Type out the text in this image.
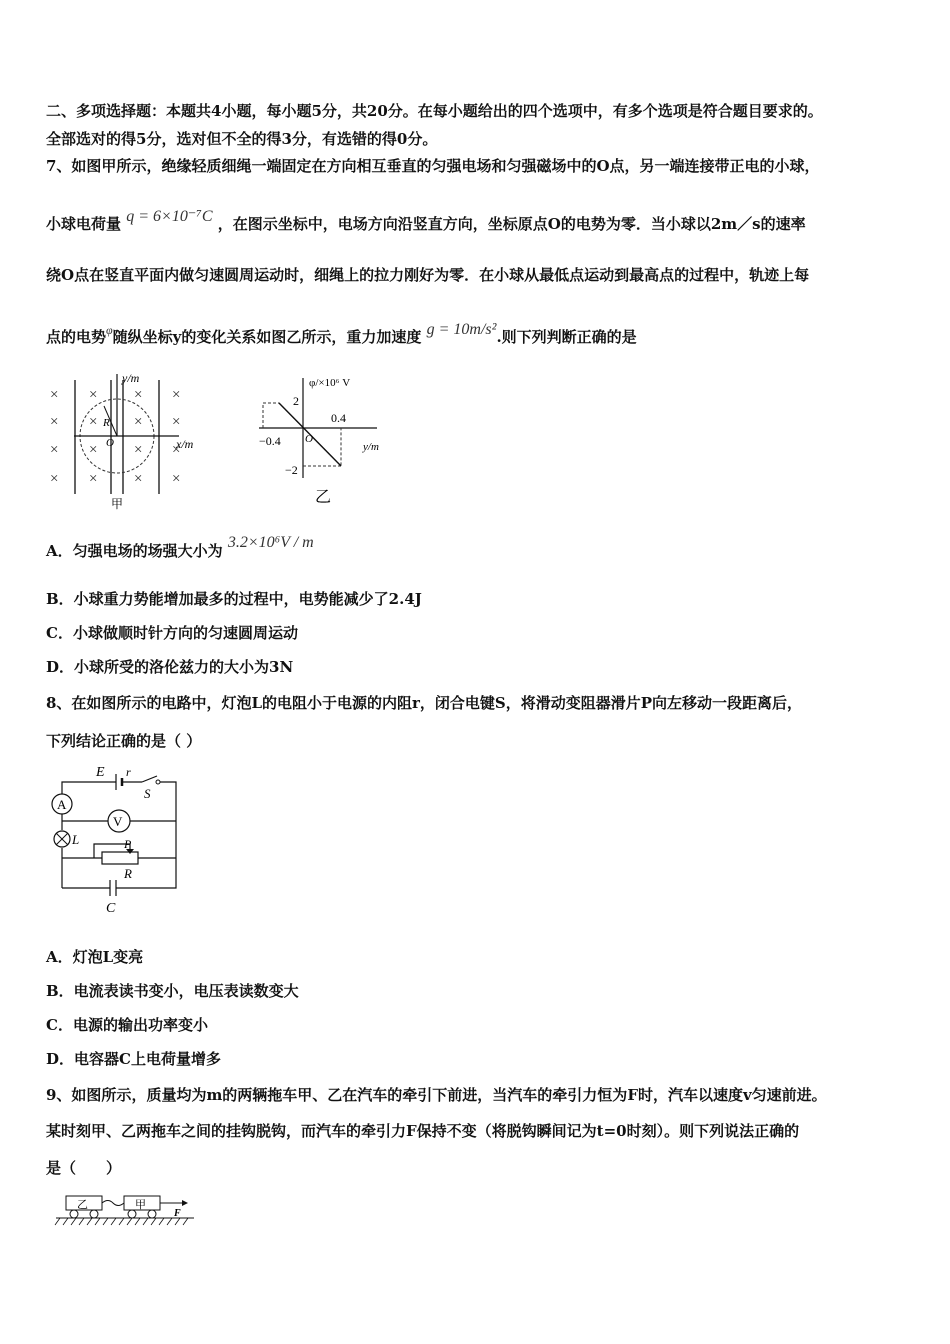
二、多项选择题：本题共4小题，每小题5分，共20分。在每小题给出的四个选项中，有多个选项是符合题目要求的。
全部选对的得5分，选对但不全的得3分，有选错的得0分。
7、如图甲所示，绝缘轻质细绳一端固定在方向相互垂直的匀强电场和匀强磁场中的O点，另一端连接带正电的小球，
小球电荷量 q = 6×10⁻⁷C ，在图示坐标中，电场方向沿竖直方向，坐标原点O的电势为零．当小球以2m／s的速率
绕O点在竖直平面内做匀速圆周运动时，细绳上的拉力刚好为零．在小球从最低点运动到最高点的过程中，轨迹上每
点的电势$^\varphi$随纵坐标y的变化关系如图乙所示，重力加速度 g = 10m/s².则下列判断正确的是
×
×
×
×
×
×
×
×
×
×
×
×
×
×
×
×
y/m
x/m
R
O
甲
φ/×10⁶ V
2
−2
0.4
−0.4 O
y/m
乙
A．匀强电场的场强大小为 3.2×10⁶V / m
B．小球重力势能增加最多的过程中，电势能减少了2.4J
C．小球做顺时针方向的匀速圆周运动
D．小球所受的洛伦兹力的大小为3N
8、在如图所示的电路中，灯泡L的电阻小于电源的内阻r，闭合电键S，将滑动变阻器滑片P向左移动一段距离后，
下列结论正确的是（ ）
A
V
E r
S
L	P
R
C
A．灯泡L变亮
B．电流表读书变小，电压表读数变大
C．电源的输出功率变小
D．电容器C上电荷量增多
9、如图所示，质量均为m的两辆拖车甲、乙在汽车的牵引下前进，当汽车的牵引力恒为F时，汽车以速度v匀速前进。
某时刻甲、乙两拖车之间的挂钩脱钩，而汽车的牵引力F保持不变（将脱钩瞬间记为t=0时刻）。则下列说法正确的
是（　　）
乙	甲
F
